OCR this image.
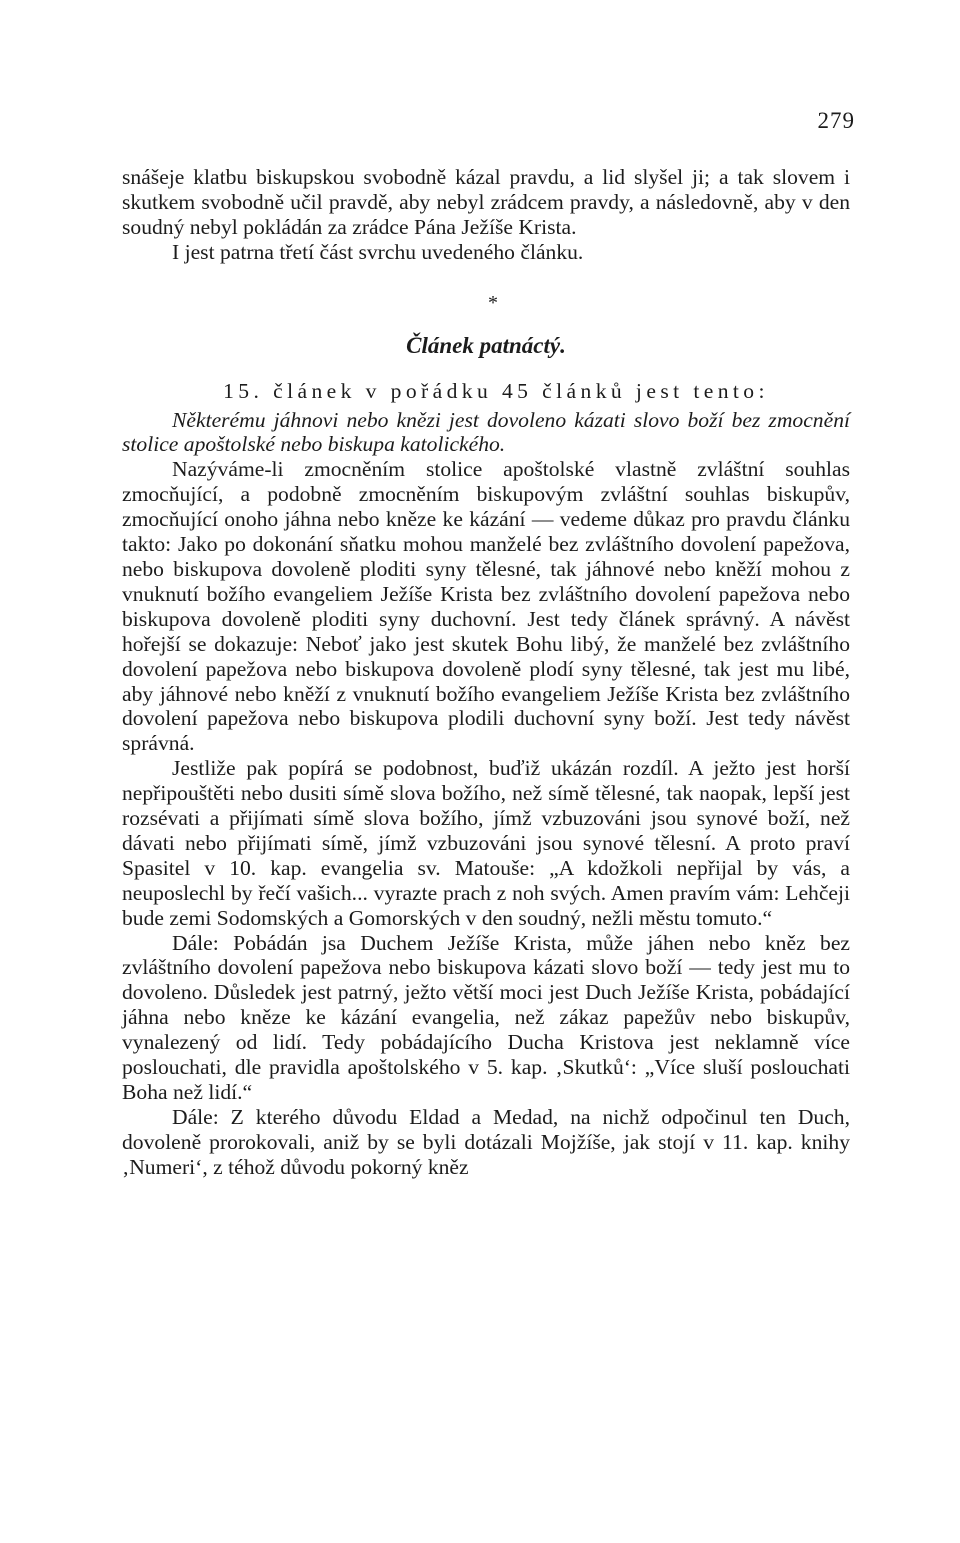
279

snášeje klatbu biskupskou svobodně kázal pravdu, a lid slyšel ji; a tak slovem i skutkem svobodně učil pravdě, aby nebyl zrádcem pravdy, a následovně, aby v den soudný nebyl pokládán za zrádce Pána Ježíše Krista.

I jest patrna třetí část svrchu uvedeného článku.

*

Článek patnáctý.

15. článek v pořádku 45 článků jest tento:

Některému jáhnovi nebo knězi jest dovoleno kázati slovo boží bez zmocnění stolice apoštolské nebo biskupa katolického.

Nazýváme-li zmocněním stolice apoštolské vlastně zvláštní souhlas zmocňující, a podobně zmocněním biskupovým zvláštní souhlas biskupův, zmocňující onoho jáhna nebo kněze ke kázání — vedeme důkaz pro pravdu článku takto: Jako po dokonání sňatku mohou manželé bez zvláštního dovolení papežova, nebo biskupova dovoleně ploditi syny tělesné, tak jáhnové nebo kněží mohou z vnuknutí božího evangeliem Ježíše Krista bez zvláštního dovolení papežova nebo biskupova dovoleně ploditi syny duchovní. Jest tedy článek správný. A návěst hořejší se dokazuje: Neboť jako jest skutek Bohu libý, že manželé bez zvláštního dovolení papežova nebo biskupova dovoleně plodí syny tělesné, tak jest mu libé, aby jáhnové nebo kněží z vnuknutí božího evangeliem Ježíše Krista bez zvláštního dovolení papežova nebo biskupova plodili duchovní syny boží. Jest tedy návěst správná.

Jestliže pak popírá se podobnost, buďiž ukázán rozdíl. A ježto jest horší nepřipouštěti nebo dusiti símě slova božího, než símě tělesné, tak naopak, lepší jest rozsévati a přijímati símě slova božího, jímž vzbuzováni jsou synové boží, než dávati nebo přijímati símě, jímž vzbuzováni jsou synové tělesní. A proto praví Spasitel v 10. kap. evangelia sv. Matouše: „A kdožkoli nepřijal by vás, a neuposlechl by řečí vašich... vyrazte prach z noh svých. Amen pravím vám: Lehčeji bude zemi Sodomských a Gomorských v den soudný, nežli městu tomuto.“

Dále: Pobádán jsa Duchem Ježíše Krista, může jáhen nebo kněz bez zvláštního dovolení papežova nebo biskupova kázati slovo boží — tedy jest mu to dovoleno. Důsledek jest patrný, ježto větší moci jest Duch Ježíše Krista, pobádající jáhna nebo kněze ke kázání evangelia, než zákaz papežův nebo biskupův, vynalezený od lidí. Tedy pobádajícího Ducha Kristova jest neklamně více poslouchati, dle pravidla apoštolského v 5. kap. ‚Skutků‘: „Více sluší poslouchati Boha než lidí.“

Dále: Z kterého důvodu Eldad a Medad, na nichž odpočinul ten Duch, dovoleně prorokovali, aniž by se byli dotázali Mojžíše, jak stojí v 11. kap. knihy ‚Numeri‘, z téhož důvodu pokorný kněz
